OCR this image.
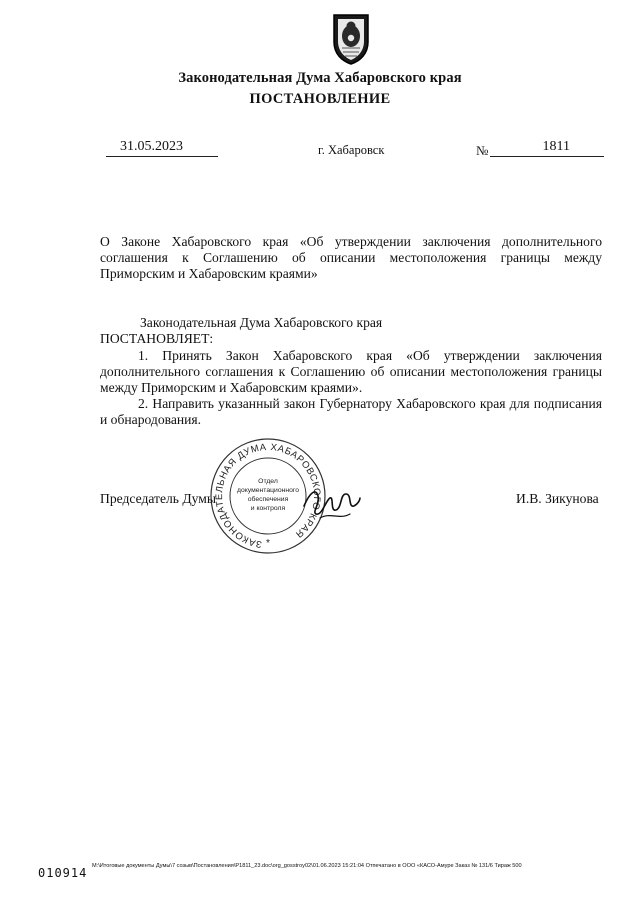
Законодательная Дума Хабаровского края
ПОСТАНОВЛЕНИЕ
31.05.2023	г. Хабаровск	№	1811
О Законе Хабаровского края «Об утверждении заключения дополнительного соглашения к Соглашению об описании местоположения границы между Приморским и Хабаровским краями»
Законодательная Дума Хабаровского края
ПОСТАНОВЛЯЕТ:
1. Принять Закон Хабаровского края «Об утверждении заключения дополнительного соглашения к Соглашению об описании местоположения границы между Приморским и Хабаровским краями».
2. Направить указанный закон Губернатору Хабаровского края для подписания и обнародования.
ЗАКОНОДАТЕЛЬНАЯ ДУМА ХАБАРОВСКОГО КРАЯ
Отдел
документационного
обеспечения
и контроля
*
Председатель Думы	И.В. Зикунова
010914 M:\Итоговые документы Думы\7 созыв\Постановления\P1811_23.doc\org_gosstroy02\01.06.2023 15:21:04 Отпечатано в ООО «КАСО-Амуре Заказ № 131/6 Тираж 500
